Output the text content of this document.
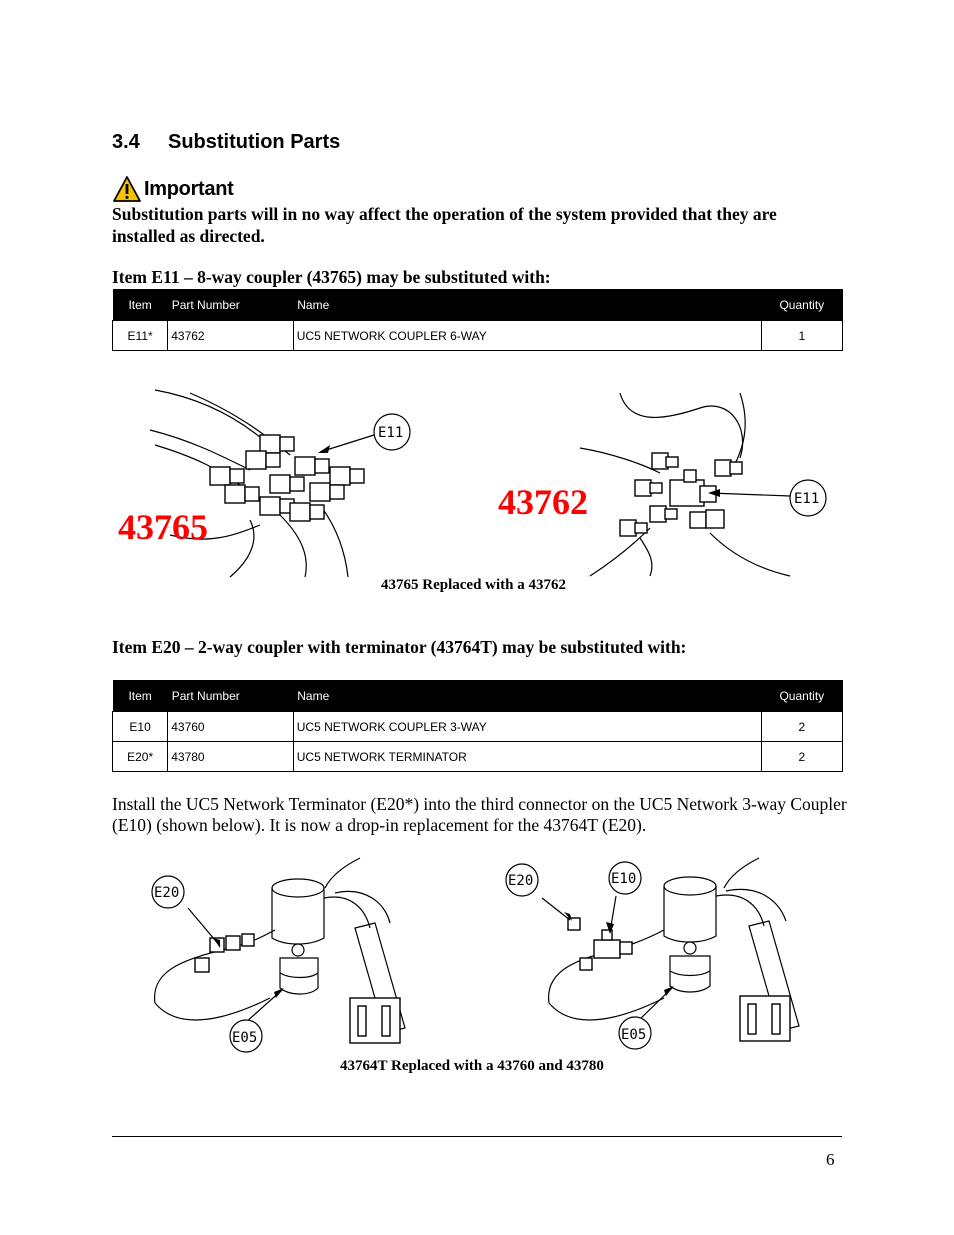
3.4 Substitution Parts
Important
Substitution parts will in no way affect the operation of the system provided that they are installed as directed.
Item E11 – 8-way coupler (43765) may be substituted with:
Item	Part Number	Name	Quantity
E11*	43762	UC5 NETWORK COUPLER 6-WAY	1
E11
43765
E11
43762
43765 Replaced with a 43762
Item E20 – 2-way coupler with terminator (43764T) may be substituted with:
Item	Part Number	Name	Quantity
E10	43760	UC5 NETWORK COUPLER 3-WAY	2
E20*	43780	UC5 NETWORK TERMINATOR	2
Install the UC5 Network Terminator (E20*) into the third connector on the UC5 Network 3-way Coupler (E10) (shown below). It is now a drop-in replacement for the 43764T (E20).
E20
E05
E20	E10
E05
43764T Replaced with a 43760 and 43780
6
